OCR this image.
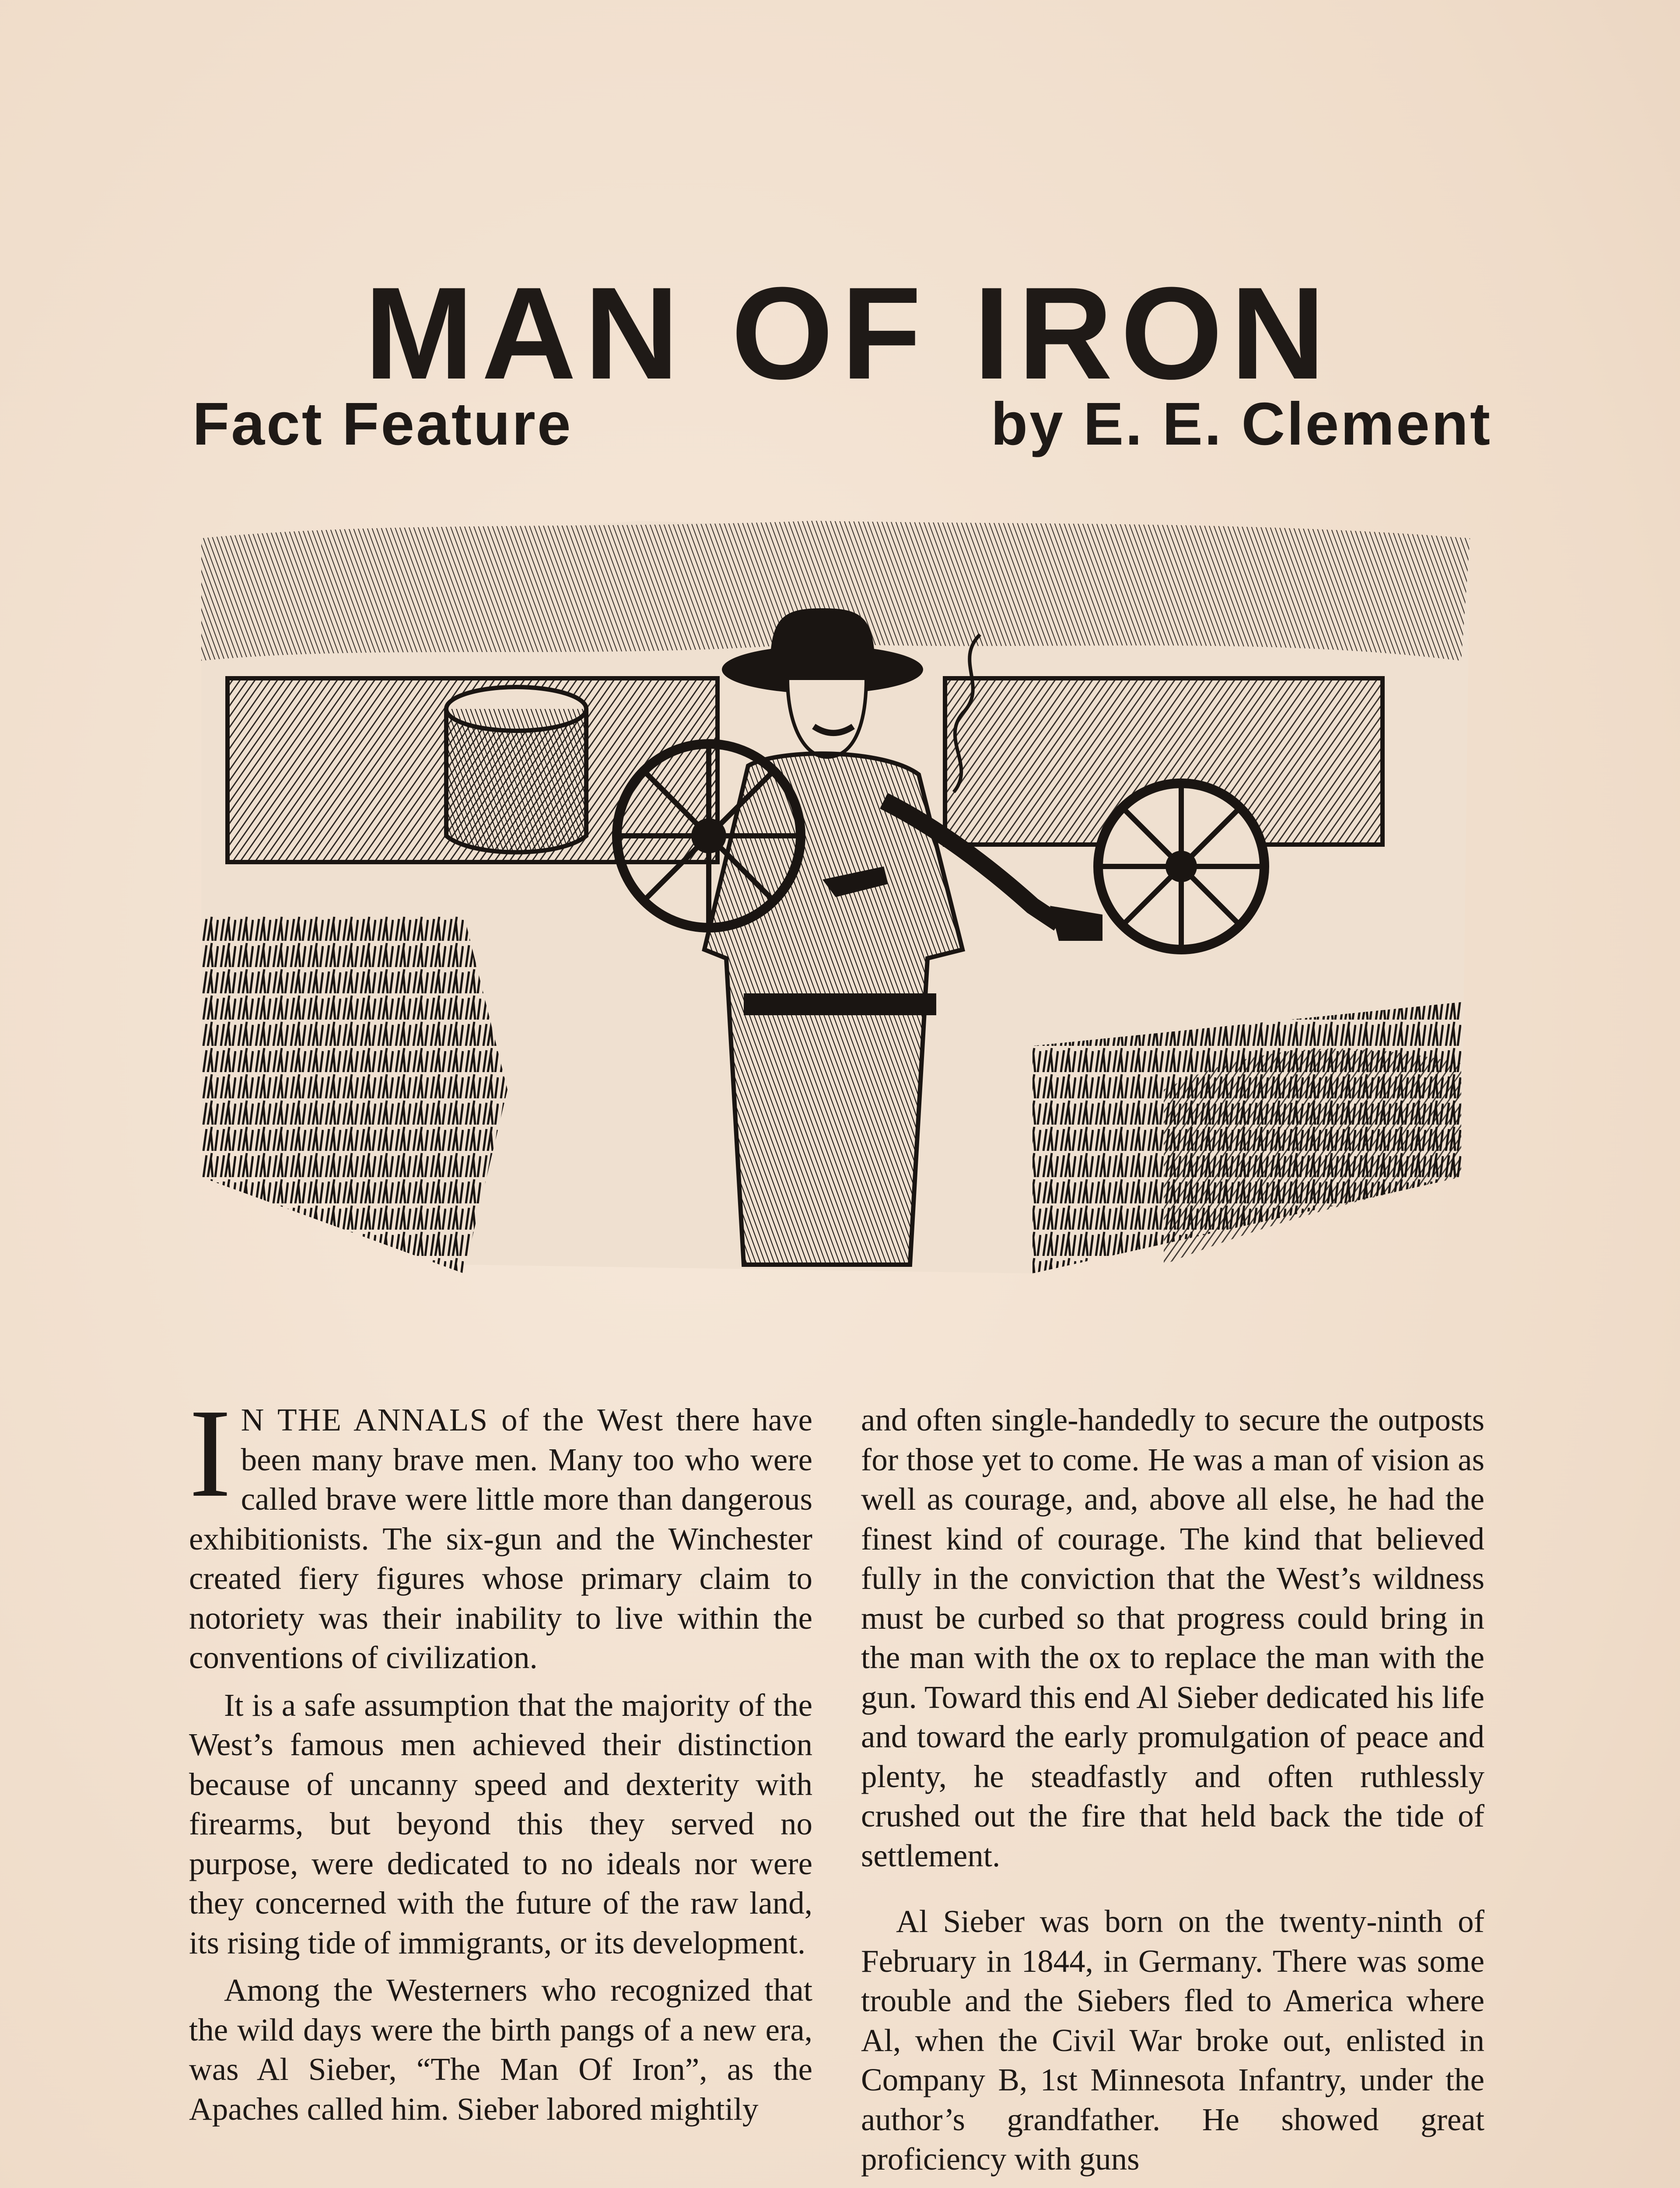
MAN OF IRON
Fact Feature	by E. E. Clement

I N THE ANNALS of the West there have been many brave men. Many too who were called brave were little more than dangerous exhibitionists. The six-gun and the Winchester created fiery figures whose primary claim to notoriety was their inability to live within the conventions of civilization.

It is a safe assumption that the majority of the West’s famous men achieved their distinction because of uncanny speed and dexterity with firearms, but beyond this they served no purpose, were dedicated to no ideals nor were they concerned with the future of the raw land, its rising tide of immigrants, or its development.

Among the Westerners who recognized that the wild days were the birth pangs of a new era, was Al Sieber, “The Man Of Iron”, as the Apaches called him. Sieber labored mightily

and often single-handedly to secure the outposts for those yet to come. He was a man of vision as well as courage, and, above all else, he had the finest kind of courage. The kind that believed fully in the conviction that the West’s wildness must be curbed so that progress could bring in the man with the ox to replace the man with the gun. Toward this end Al Sieber dedicated his life and toward the early promulgation of peace and plenty, he steadfastly and often ruthlessly crushed out the fire that held back the tide of settlement.

Al Sieber was born on the twenty-ninth of February in 1844, in Germany. There was some trouble and the Siebers fled to America where Al, when the Civil War broke out, enlisted in Company B, 1st Minnesota Infantry, under the author’s grandfather. He showed great proficiency with guns
